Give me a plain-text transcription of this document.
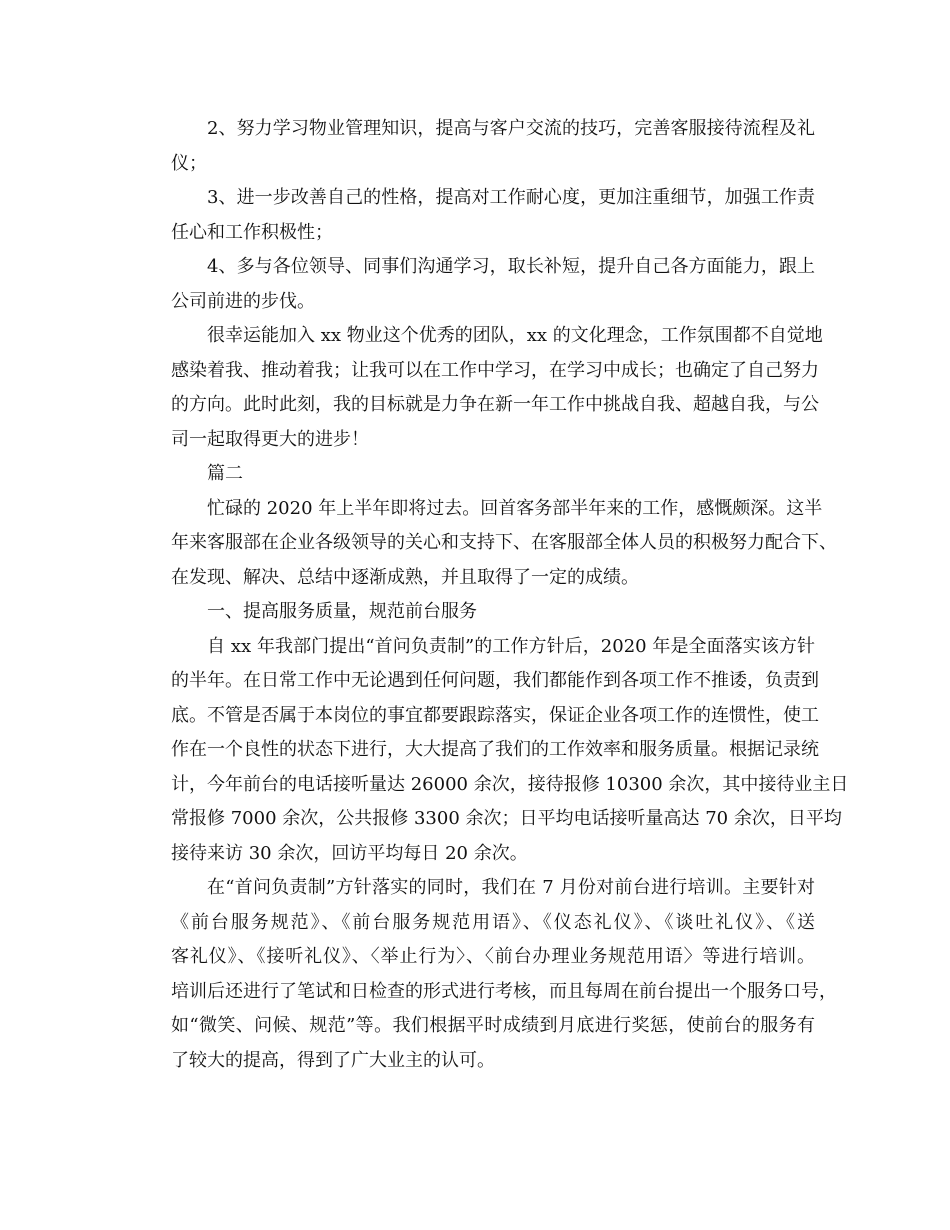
2、努力学习物业管理知识，提高与客户交流的技巧，完善客服接待流程及礼
仪；
3、进一步改善自己的性格，提高对工作耐心度，更加注重细节，加强工作责
任心和工作积极性；
4、多与各位领导、同事们沟通学习，取长补短，提升自己各方面能力，跟上
公司前进的步伐。
很幸运能加入 xx 物业这个优秀的团队，xx 的文化理念，工作氛围都不自觉地
感染着我、推动着我；让我可以在工作中学习，在学习中成长；也确定了自己努力
的方向。此时此刻，我的目标就是力争在新一年工作中挑战自我、超越自我，与公
司一起取得更大的进步！
篇二
忙碌的 2020 年上半年即将过去。回首客务部半年来的工作，感慨颇深。这半
年来客服部在企业各级领导的关心和支持下、在客服部全体人员的积极努力配合下、
在发现、解决、总结中逐渐成熟，并且取得了一定的成绩。
一、提高服务质量，规范前台服务
自 xx 年我部门提出“首问负责制”的工作方针后，2020 年是全面落实该方针
的半年。在日常工作中无论遇到任何问题，我们都能作到各项工作不推诿，负责到
底。不管是否属于本岗位的事宜都要跟踪落实，保证企业各项工作的连惯性，使工
作在一个良性的状态下进行，大大提高了我们的工作效率和服务质量。根据记录统
计，今年前台的电话接听量达 26000 余次，接待报修 10300 余次，其中接待业主日
常报修 7000 余次，公共报修 3300 余次；日平均电话接听量高达 70 余次，日平均
接待来访 30 余次，回访平均每日 20 余次。
在“首问负责制”方针落实的同时，我们在 7 月份对前台进行培训。主要针对
《前台服务规范》、《前台服务规范用语》、《仪态礼仪》、《谈吐礼仪》、《送
客礼仪》、《接听礼仪》、〈举止行为〉、〈前台办理业务规范用语〉等进行培训。
培训后还进行了笔试和日检查的形式进行考核，而且每周在前台提出一个服务口号，
如“微笑、问候、规范”等。我们根据平时成绩到月底进行奖惩，使前台的服务有
了较大的提高，得到了广大业主的认可。
